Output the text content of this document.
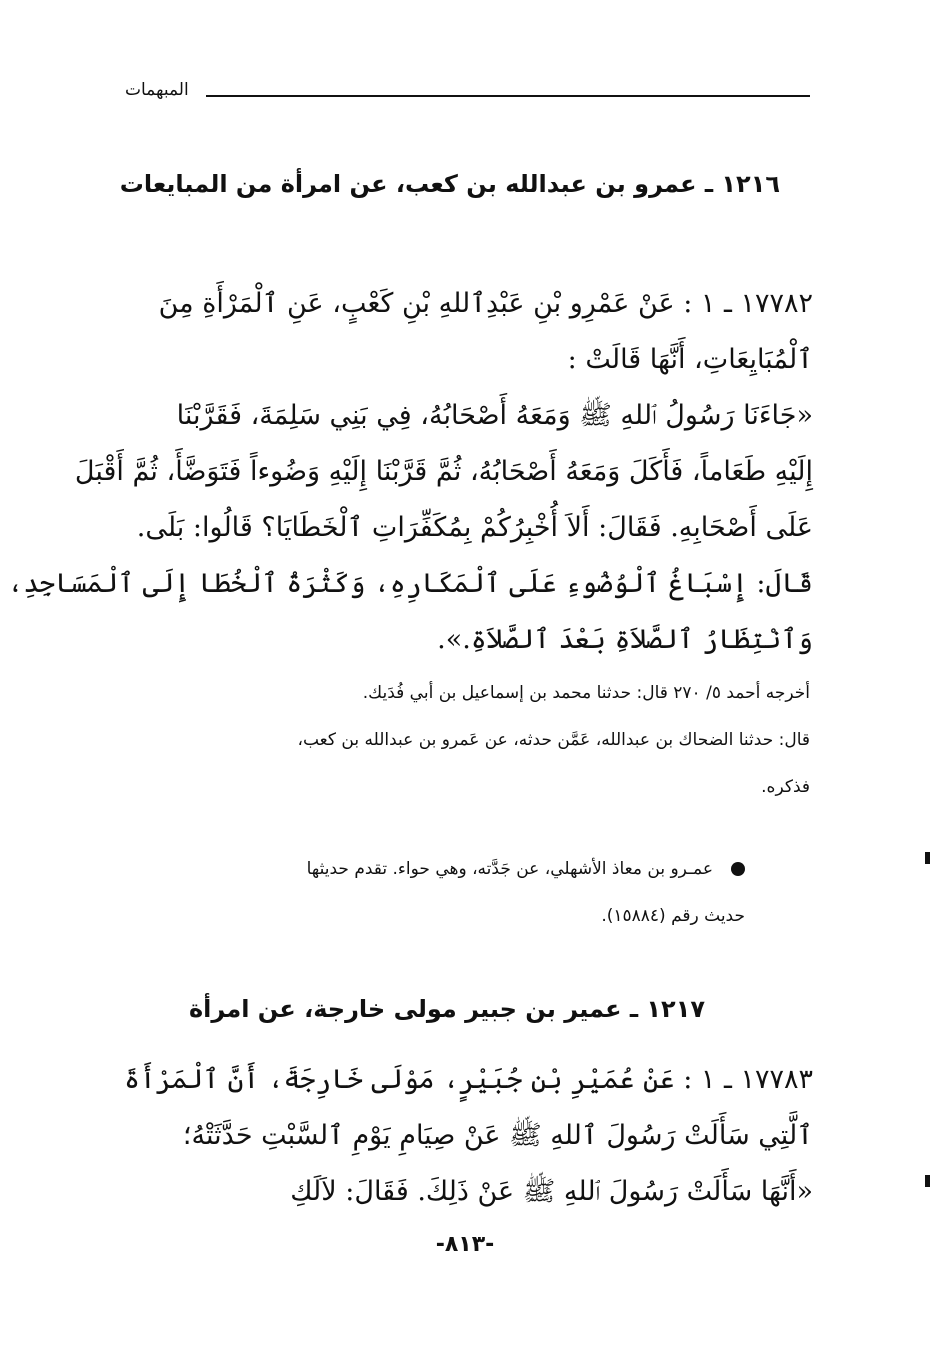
المبهمات
١٢١٦ ـ عمرو بن عبدالله بن كعب، عن امرأة من المبايعات
١٧٧٨٢ ـ ١ : عَنْ عَمْرِو بْنِ عَبْدِٱللهِ بْنِ كَعْبٍ، عَنِ ٱلْمَرْأَةِ مِنَ
ٱلْمُبَايِعَاتِ، أَنَّهَا قَالَتْ :
«جَاءَنَا رَسُولُ ٱللهِ ﷺ وَمَعَهُ أَصْحَابُهُ، فِي بَنِي سَلِمَةَ، فَقَرَّبْنَا
إِلَيْهِ طَعَاماً، فَأَكَلَ وَمَعَهُ أَصْحَابُهُ، ثُمَّ قَرَّبْنَا إِلَيْهِ وَضُوءاً فَتَوَضَّأَ، ثُمَّ أَقْبَلَ
عَلَى أَصْحَابِهِ. فَقَالَ: أَلاَ أُخْبِرُكُمْ بِمُكَفِّرَاتِ ٱلْخَطَايَا؟ قَالُوا: بَلَى.
قَالَ: إِسْبَاغُ ٱلْوُضُوءِ عَلَى ٱلْمَكَارِهِ، وَكَثْرَةُ ٱلْخُطَا إِلَى ٱلْمَسَاجِدِ،
وَٱنْتِظَارُ ٱلصَّلاَةِ بَعْدَ ٱلصَّلاَةِ.».
أخرجه أحمد ٥/ ٢٧٠ قال: حدثنا محمد بن إسماعيل بن أبي فُدَيك.
قال: حدثنا الضحاك بن عبدالله، عَمَّن حدثه، عن عَمرو بن عبدالله بن كعب،
فذكره.
عمـرو بن معاذ الأشهلي، عن جَدَّته، وهي حواء. تقدم حديثها
حديث رقم (١٥٨٨٤).
١٢١٧ ـ عمير بن جبير مولى خارجة، عن امرأة
١٧٧٨٣ ـ ١ : عَنْ عُمَيْرِ بْنِ جُبَيْرٍ، مَوْلَى خَارِجَةَ، أَنَّ ٱلْمَرْأَةَ
ٱلَّتِي سَأَلَتْ رَسُولَ ٱللهِ ﷺ عَنْ صِيَامِ يَوْمِ ٱلسَّبْتِ حَدَّثَتْهُ؛
«أَنَّهَا سَأَلَتْ رَسُولَ ٱللهِ ﷺ عَنْ ذَلِكَ. فَقَالَ: لاَلَكِ
-٨١٣-
